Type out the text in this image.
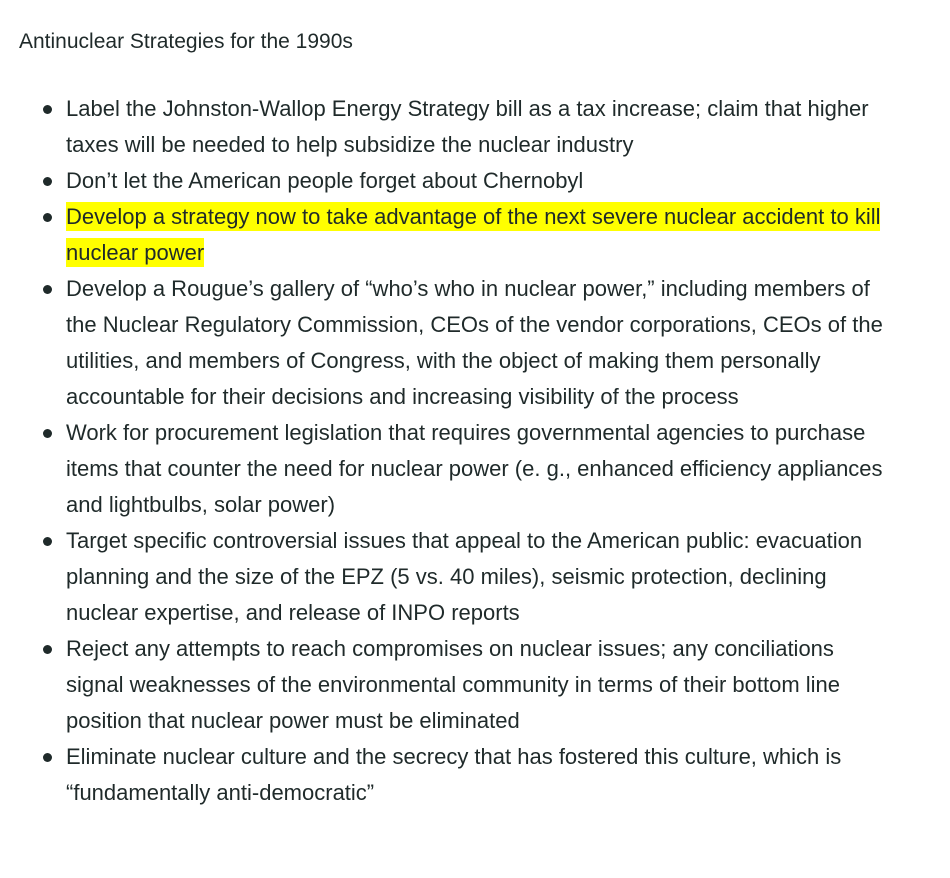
Antinuclear Strategies for the 1990s
Label the Johnston-Wallop Energy Strategy bill as a tax increase; claim that higher taxes will be needed to help subsidize the nuclear industry
Don’t let the American people forget about Chernobyl
Develop a strategy now to take advantage of the next severe nuclear accident to kill nuclear power
Develop a Rougue’s gallery of “who’s who in nuclear power,” including members of the Nuclear Regulatory Commission, CEOs of the vendor corporations, CEOs of the utilities, and members of Congress, with the object of making them personally accountable for their decisions and increasing visibility of the process
Work for procurement legislation that requires governmental agencies to purchase items that counter the need for nuclear power (e. g., enhanced efficiency appliances and lightbulbs, solar power)
Target specific controversial issues that appeal to the American public: evacuation planning and the size of the EPZ (5 vs. 40 miles), seismic protection, declining nuclear expertise, and release of INPO reports
Reject any attempts to reach compromises on nuclear issues; any conciliations signal weaknesses of the environmental community in terms of their bottom line position that nuclear power must be eliminated
Eliminate nuclear culture and the secrecy that has fostered this culture, which is “fundamentally anti-democratic”
